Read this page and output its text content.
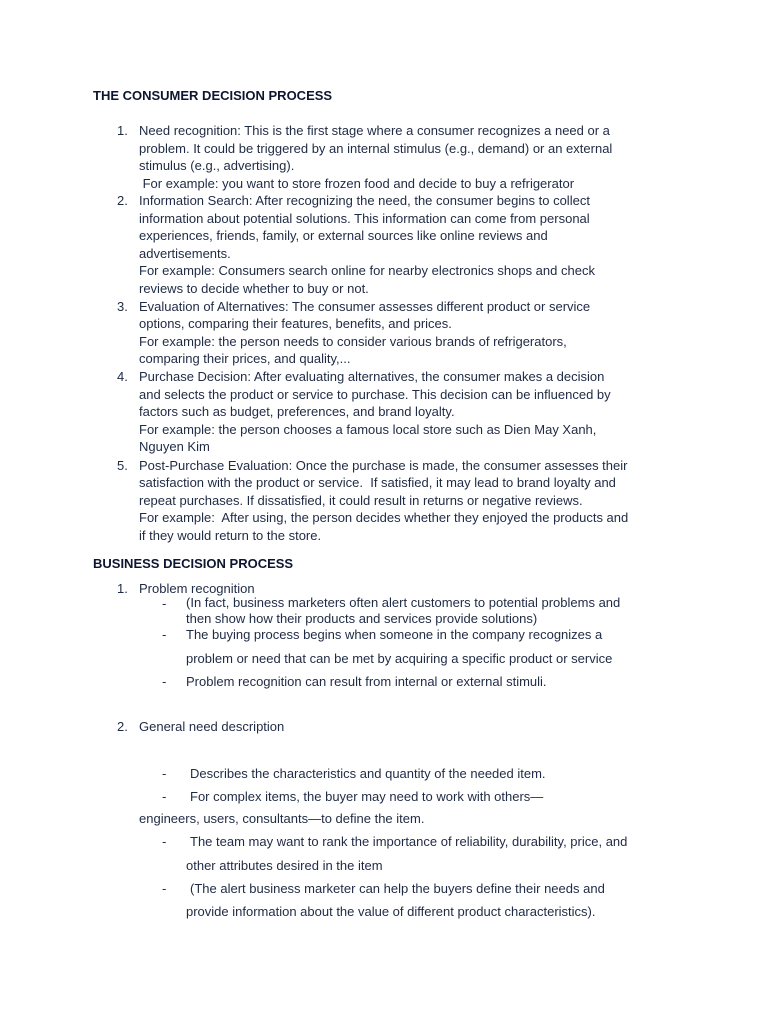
THE CONSUMER DECISION PROCESS
1. Need recognition: This is the first stage where a consumer recognizes a need or a
problem. It could be triggered by an internal stimulus (e.g., demand) or an external
stimulus (e.g., advertising).
For example: you want to store frozen food and decide to buy a refrigerator
2. Information Search: After recognizing the need, the consumer begins to collect
information about potential solutions. This information can come from personal
experiences, friends, family, or external sources like online reviews and
advertisements.
For example: Consumers search online for nearby electronics shops and check
reviews to decide whether to buy or not.
3. Evaluation of Alternatives: The consumer assesses different product or service
options, comparing their features, benefits, and prices.
For example: the person needs to consider various brands of refrigerators,
comparing their prices, and quality,...
4. Purchase Decision: After evaluating alternatives, the consumer makes a decision
and selects the product or service to purchase. This decision can be influenced by
factors such as budget, preferences, and brand loyalty.
For example: the person chooses a famous local store such as Dien May Xanh,
Nguyen Kim
5. Post-Purchase Evaluation: Once the purchase is made, the consumer assesses their
satisfaction with the product or service.  If satisfied, it may lead to brand loyalty and
repeat purchases. If dissatisfied, it could result in returns or negative reviews.
For example:  After using, the person decides whether they enjoyed the products and
if they would return to the store.
BUSINESS DECISION PROCESS
1. Problem recognition
- (In fact, business marketers often alert customers to potential problems and
then show how their products and services provide solutions)
- The buying process begins when someone in the company recognizes a
problem or need that can be met by acquiring a specific product or service
- Problem recognition can result from internal or external stimuli.
2. General need description
- Describes the characteristics and quantity of the needed item.
- For complex items, the buyer may need to work with others—
engineers, users, consultants—to define the item.
- The team may want to rank the importance of reliability, durability, price, and
other attributes desired in the item
- (The alert business marketer can help the buyers define their needs and
provide information about the value of different product characteristics).
